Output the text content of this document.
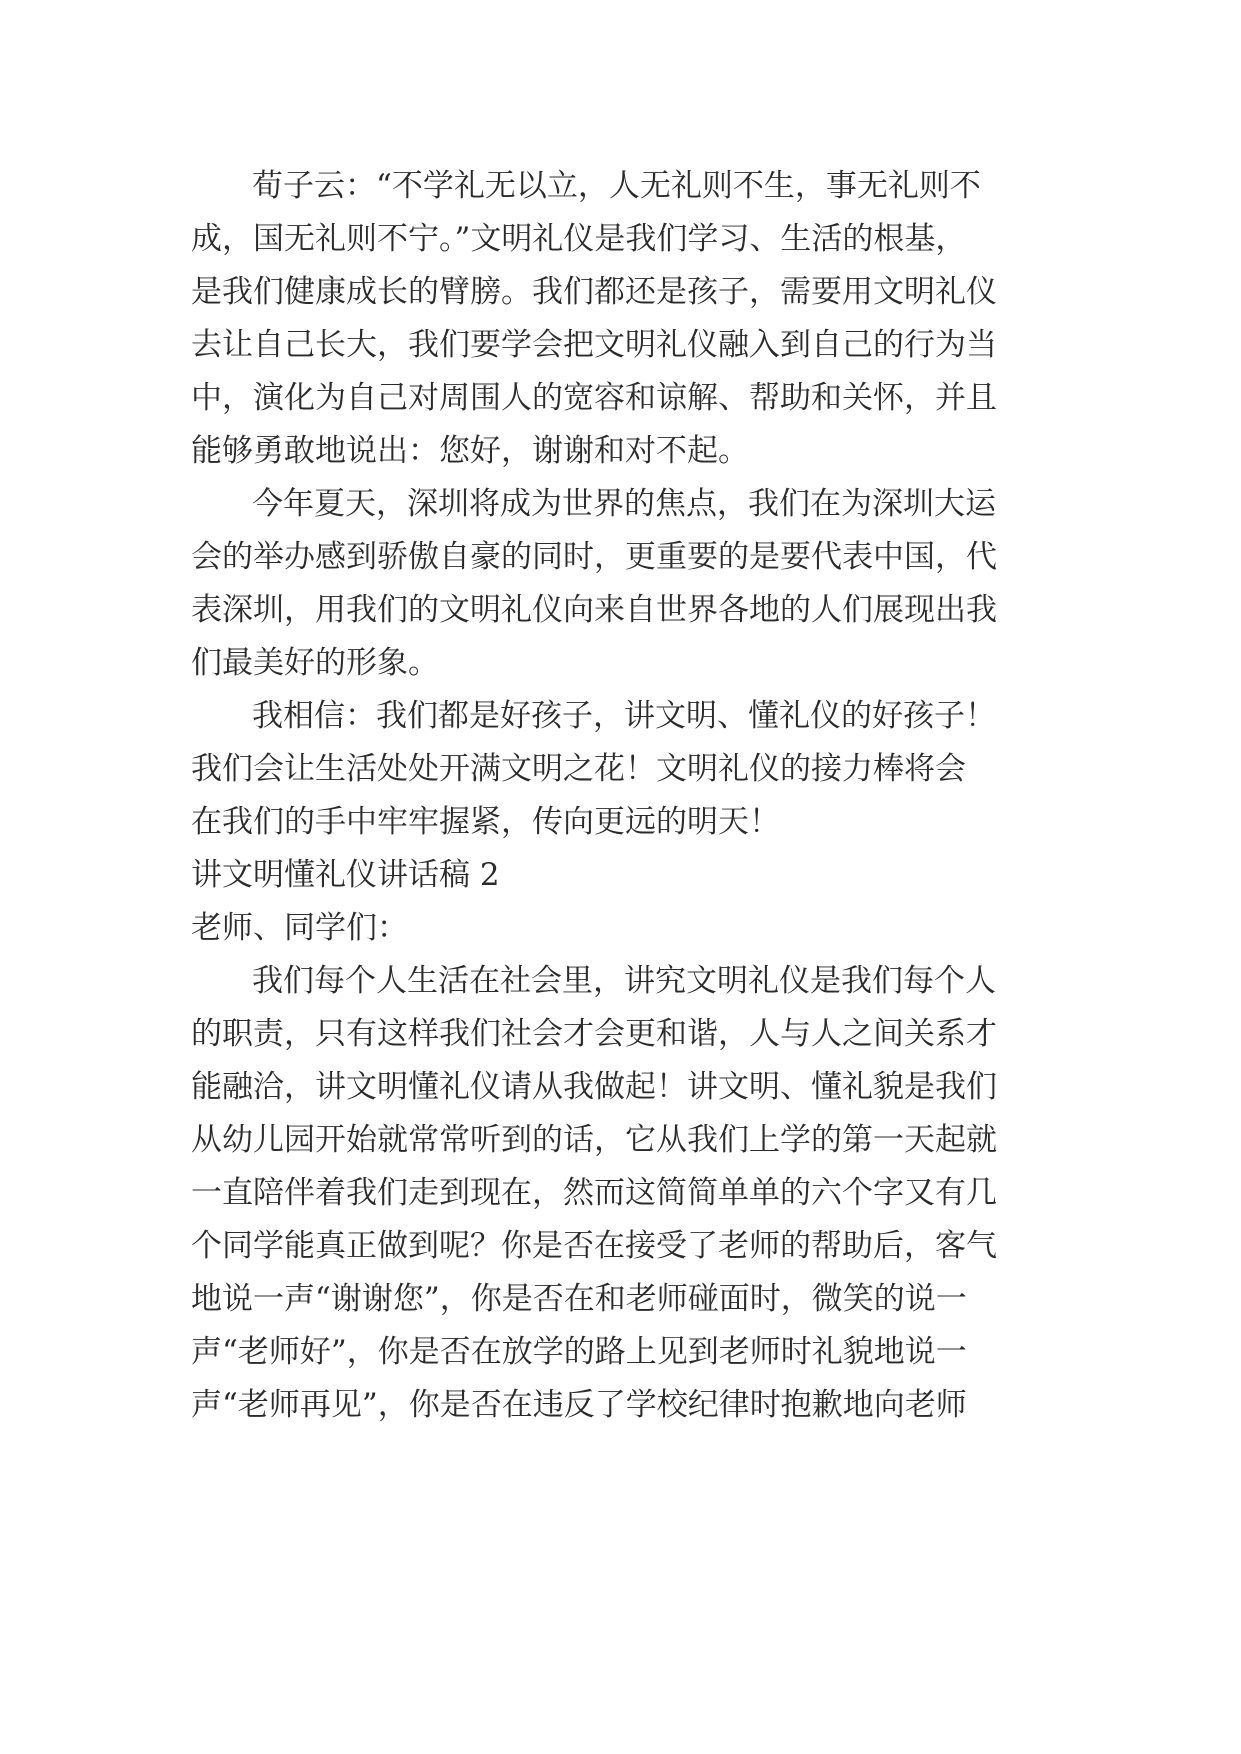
荀子云：“不学礼无以立，人无礼则不生，事无礼则不
成，国无礼则不宁。”文明礼仪是我们学习、生活的根基，
是我们健康成长的臂膀。我们都还是孩子，需要用文明礼仪
去让自己长大，我们要学会把文明礼仪融入到自己的行为当
中，演化为自己对周围人的宽容和谅解、帮助和关怀，并且
能够勇敢地说出：您好，谢谢和对不起。
今年夏天，深圳将成为世界的焦点，我们在为深圳大运
会的举办感到骄傲自豪的同时，更重要的是要代表中国，代
表深圳，用我们的文明礼仪向来自世界各地的人们展现出我
们最美好的形象。
我相信：我们都是好孩子，讲文明、懂礼仪的好孩子！
我们会让生活处处开满文明之花！文明礼仪的接力棒将会
在我们的手中牢牢握紧，传向更远的明天！
讲文明懂礼仪讲话稿 2
老师、同学们：
我们每个人生活在社会里，讲究文明礼仪是我们每个人
的职责，只有这样我们社会才会更和谐，人与人之间关系才
能融洽，讲文明懂礼仪请从我做起！讲文明、懂礼貌是我们
从幼儿园开始就常常听到的话，它从我们上学的第一天起就
一直陪伴着我们走到现在，然而这简简单单的六个字又有几
个同学能真正做到呢？你是否在接受了老师的帮助后，客气
地说一声“谢谢您”，你是否在和老师碰面时，微笑的说一
声“老师好”，你是否在放学的路上见到老师时礼貌地说一
声“老师再见”，你是否在违反了学校纪律时抱歉地向老师
